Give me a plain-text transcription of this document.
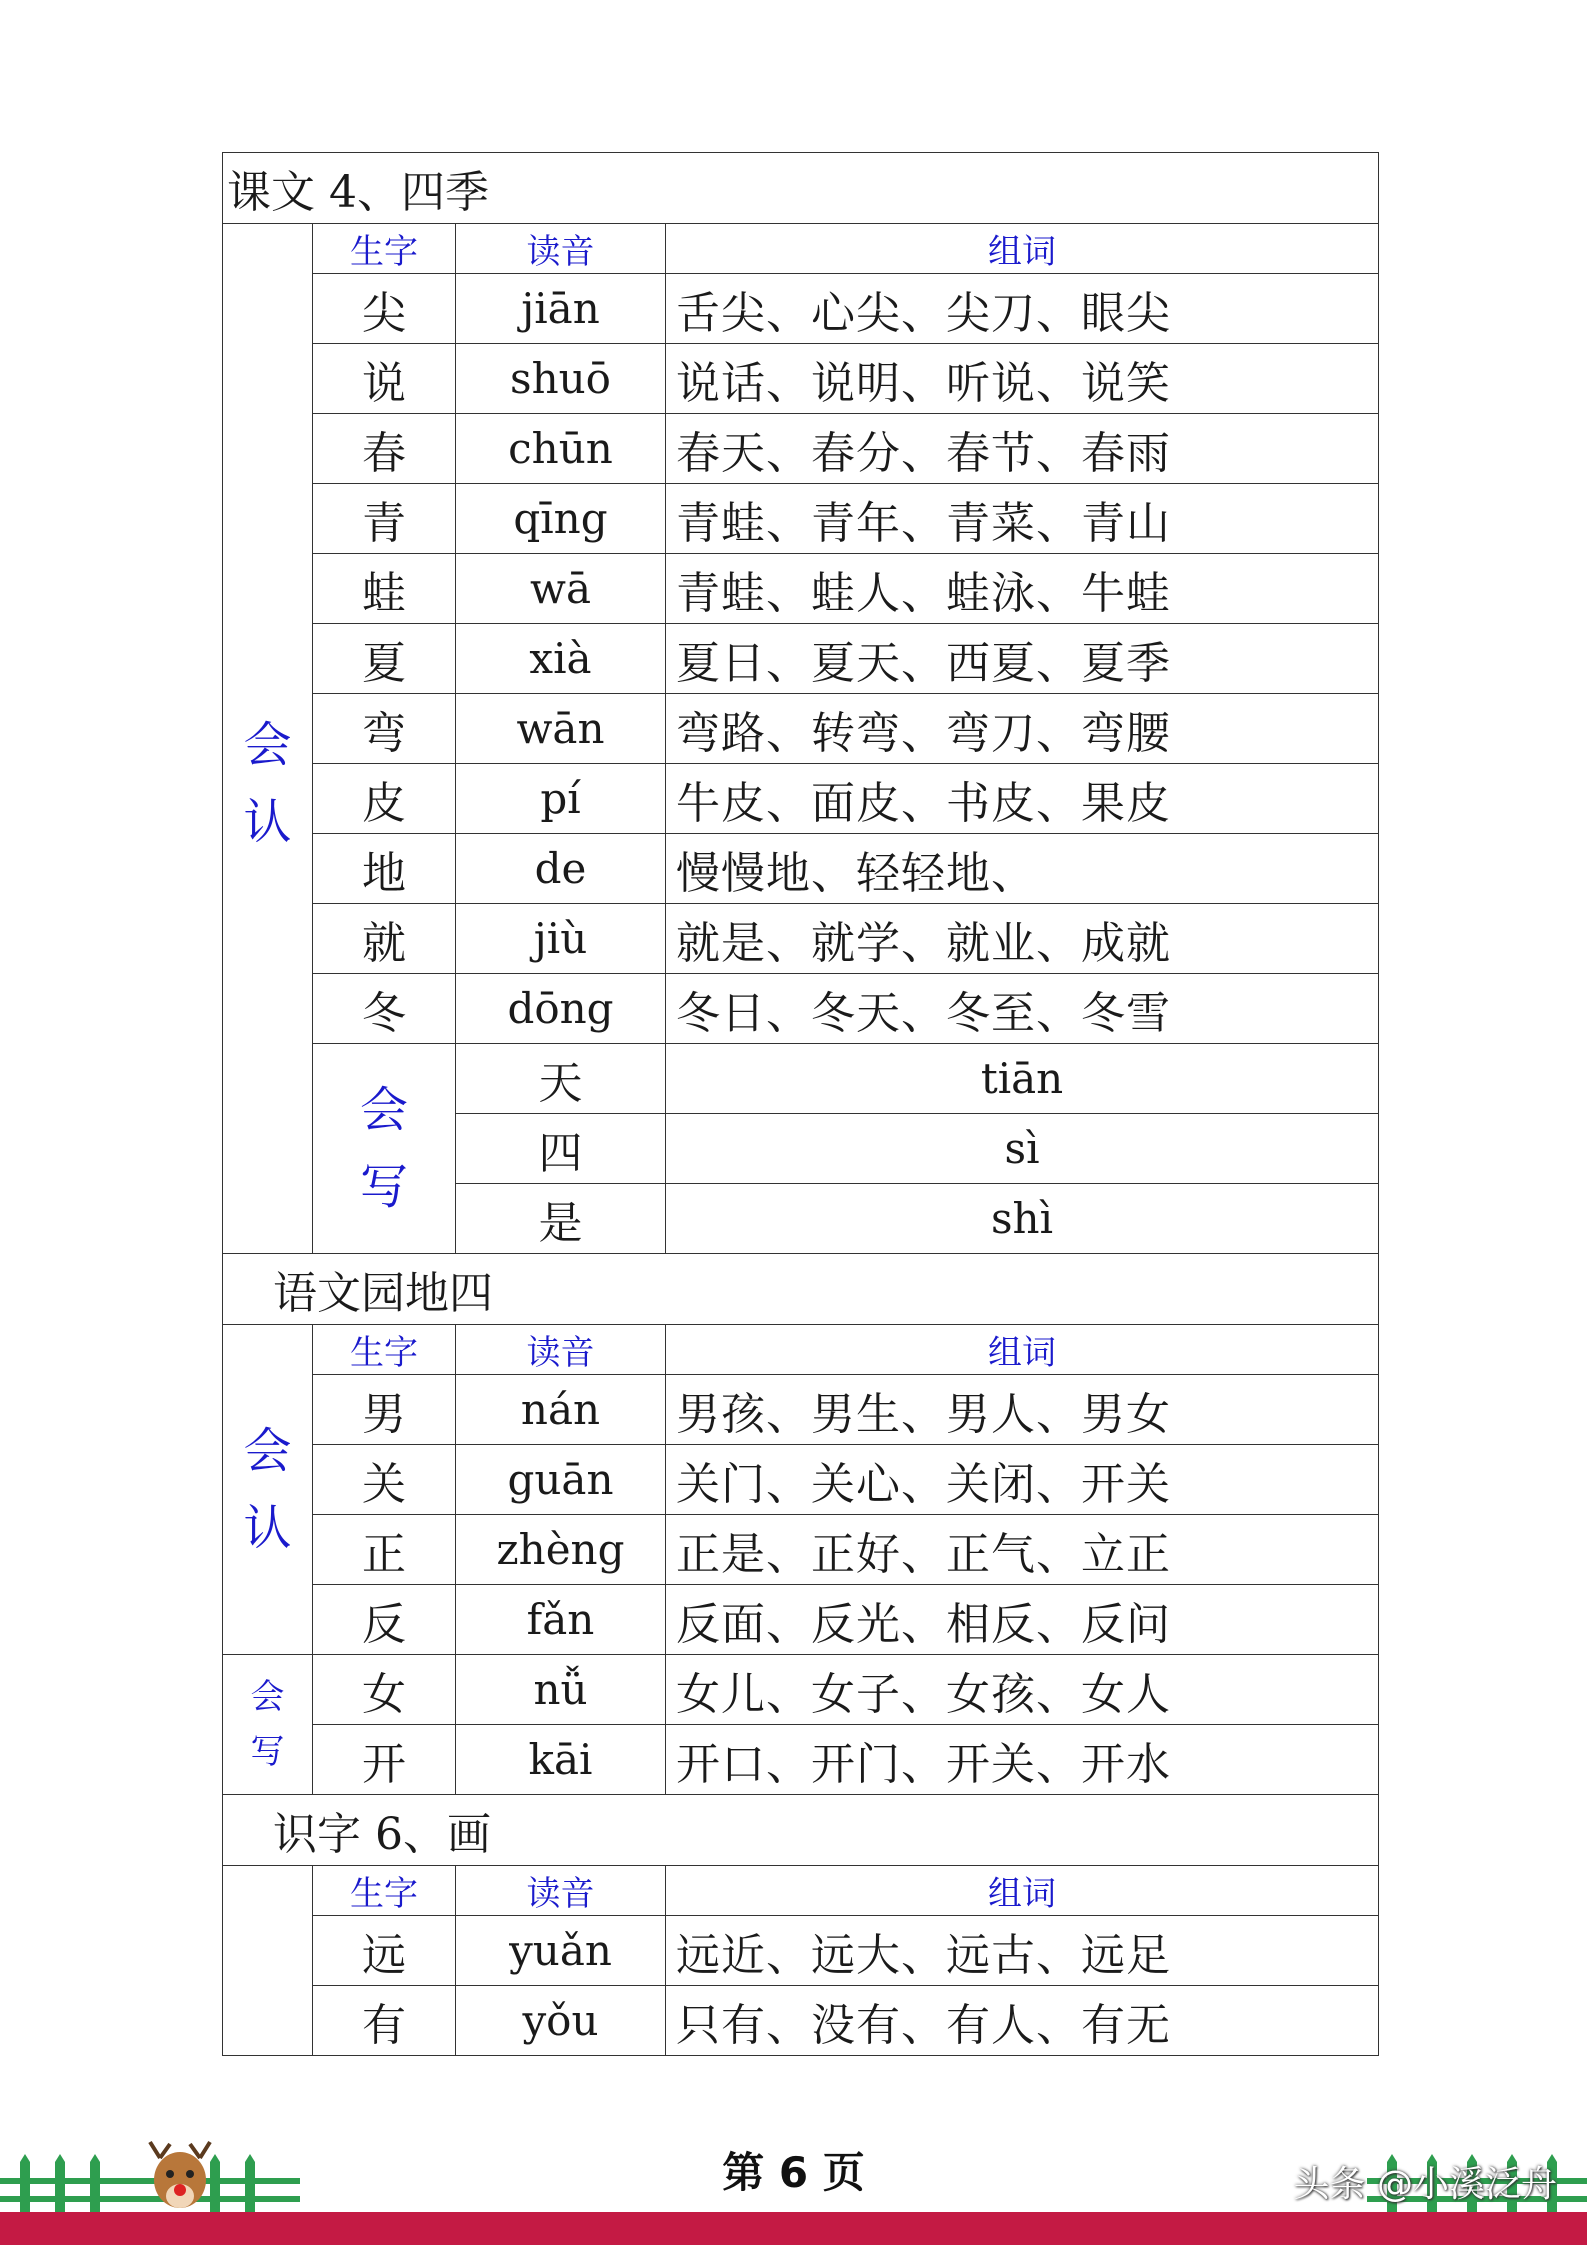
课文 4、四季				

会
认	生字	读音	组词	
	尖	jiān	舌尖、心尖、尖刀、眼尖	
	说	shuō	说话、说明、听说、说笑	
	春	chūn	春天、春分、春节、春雨	
	青	qīng	青蛙、青年、青菜、青山	
	蛙	wā	青蛙、蛙人、蛙泳、牛蛙	
	夏	xià	夏日、夏天、西夏、夏季	
	弯	wān	弯路、转弯、弯刀、弯腰	
	皮	pí	牛皮、面皮、书皮、果皮	
	地	de	慢慢地、轻轻地、	
	就	jiù	就是、就学、就业、成就	
	冬	dōng	冬日、冬天、冬至、冬雪	

	会
写	天	tiān	
		四	sì	
		是	shì	
语文园地四				

会
认	生字	读音	组词	
	男	nán	男孩、男生、男人、男女	
	关	guān	关门、关心、关闭、开关	
	正	zhèng	正是、正好、正气、立正	
	反	fǎn	反面、反光、相反、反问	

会
写	女	nǚ	女儿、女子、女孩、女人	
	开	kāi	开口、开门、开关、开水	
识字 6、画				
	生字	读音	组词	
	远	yuǎn	远近、远大、远古、远足	
	有	yǒu	只有、没有、有人、有无	
第 6 页	头条 @小溪泛舟
